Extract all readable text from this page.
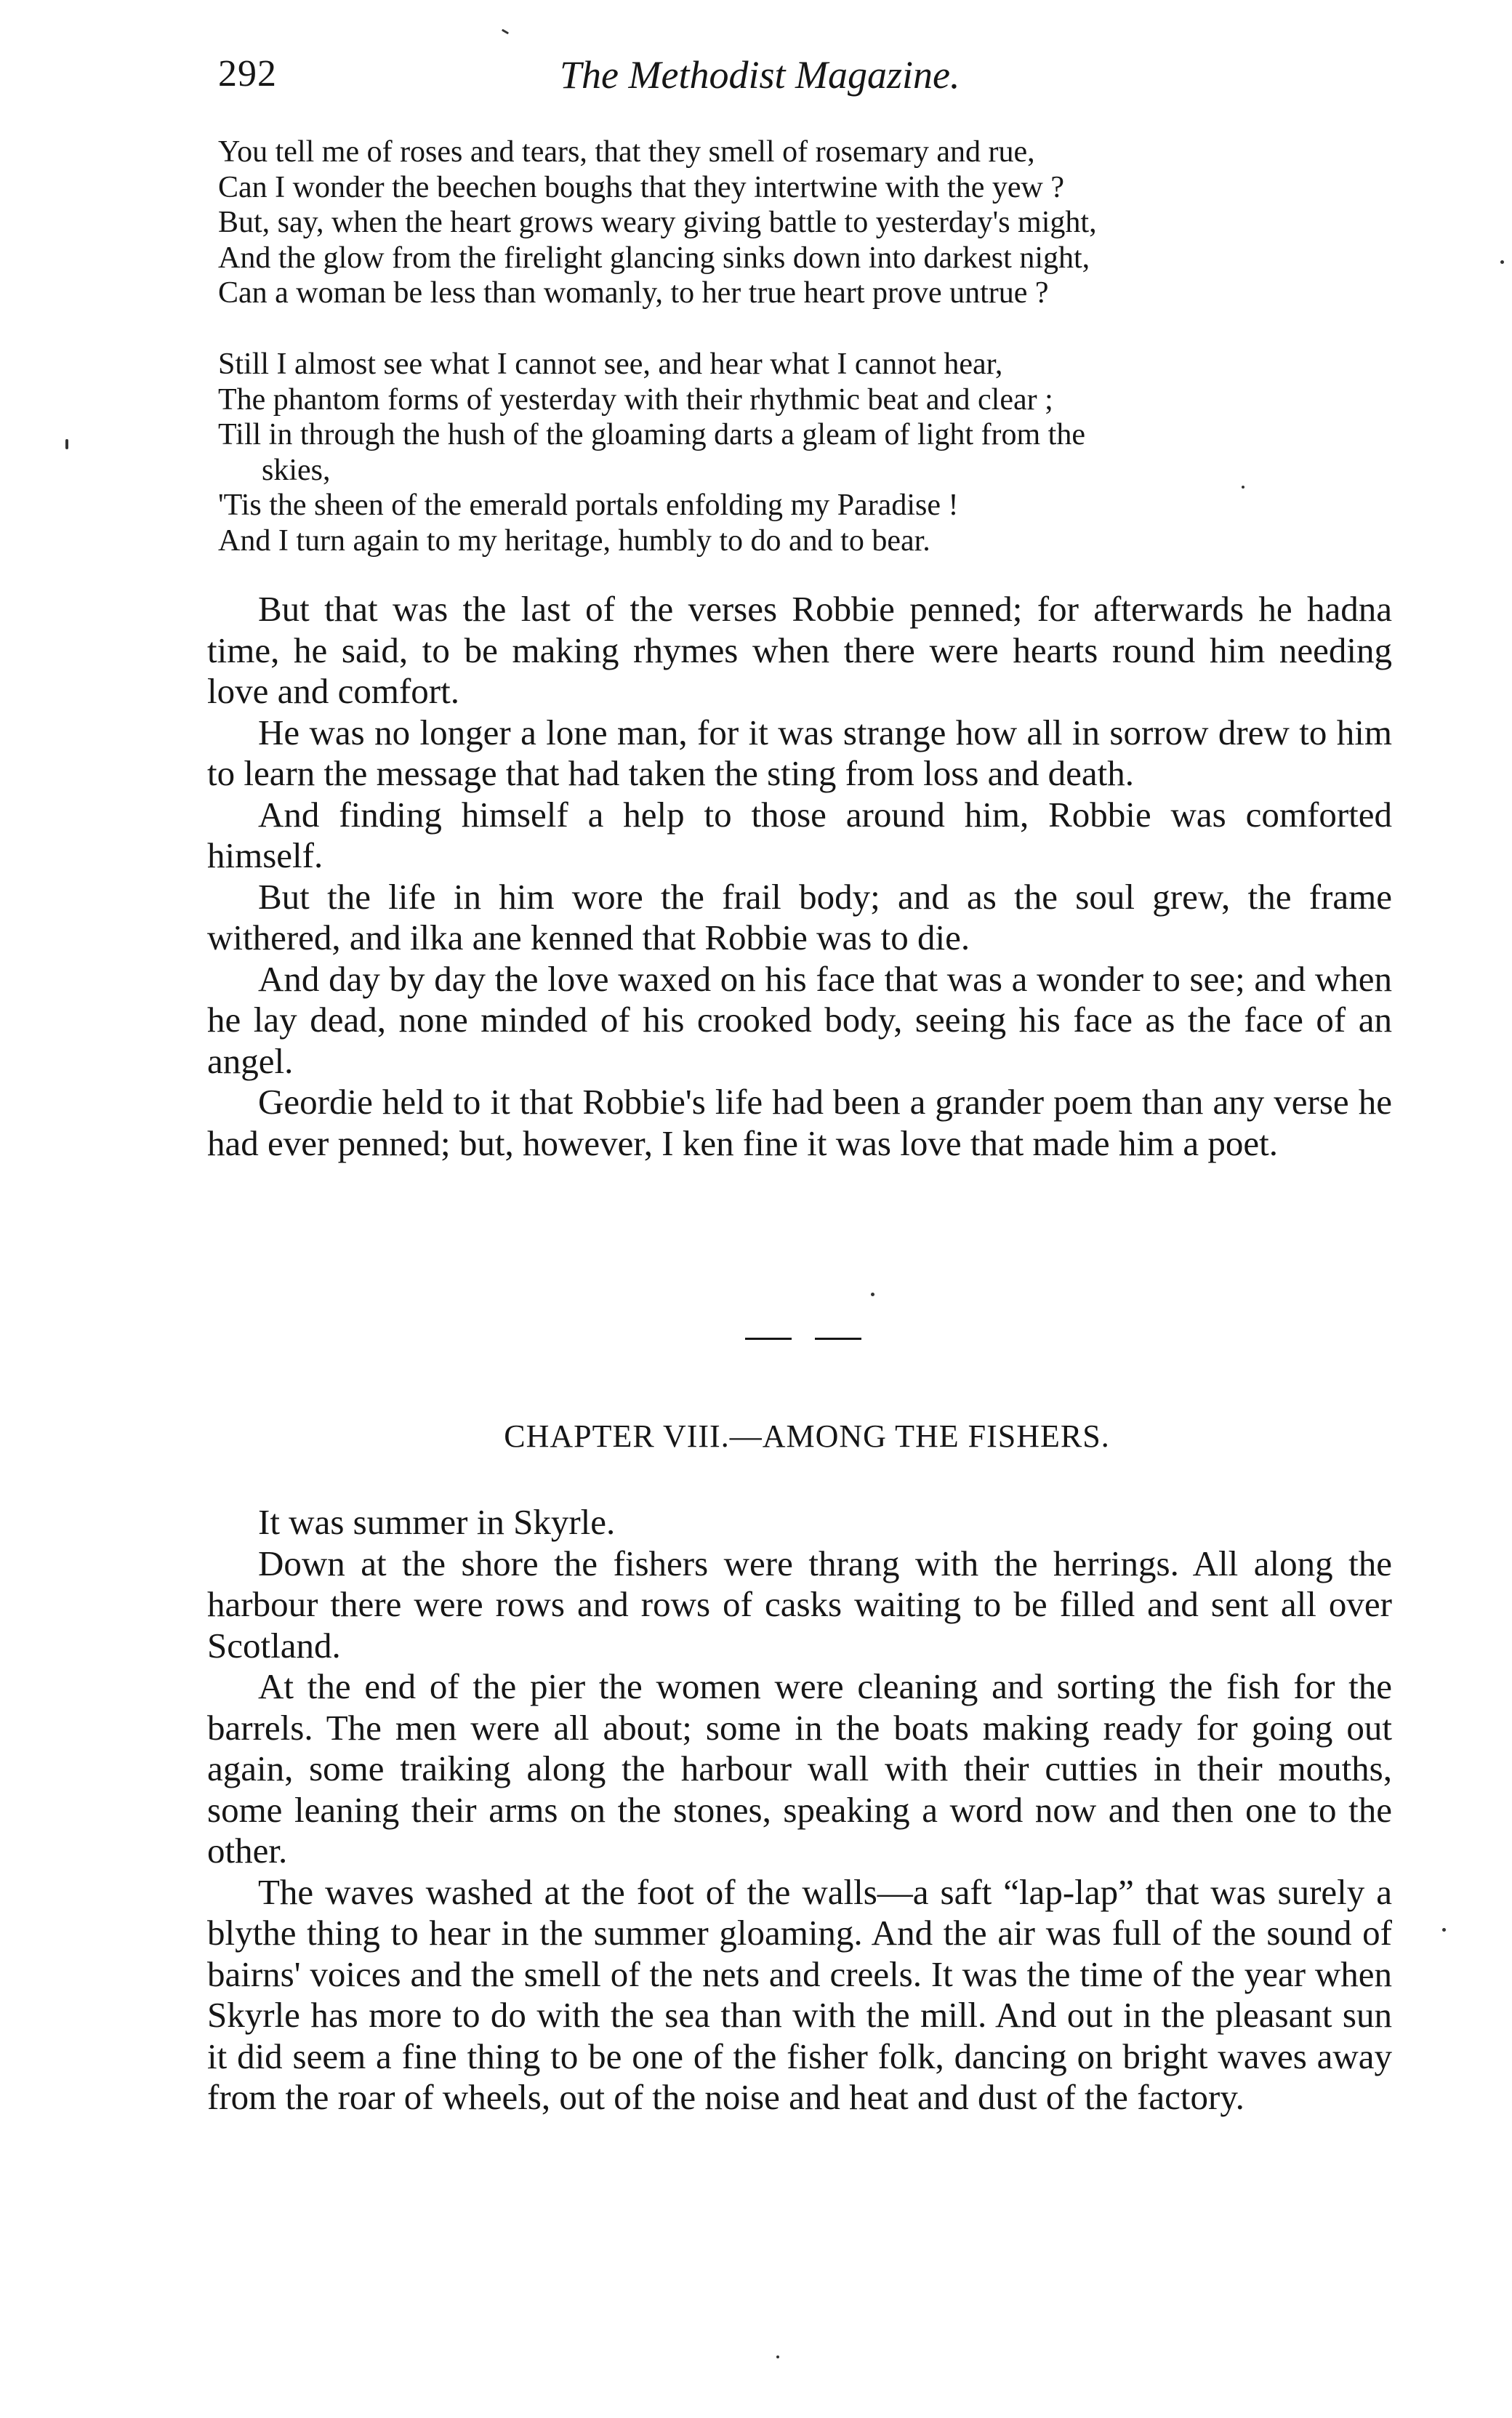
292	The Methodist Magazine.
You tell me of roses and tears, that they smell of rosemary and rue,
Can I wonder the beechen boughs that they intertwine with the yew ?
But, say, when the heart grows weary giving battle to yesterday's might,
And the glow from the firelight glancing sinks down into darkest night,
Can a woman be less than womanly, to her true heart prove untrue ?
Still I almost see what I cannot see, and hear what I cannot hear,
The phantom forms of yesterday with their rhythmic beat and clear ;
Till in through the hush of the gloaming darts a gleam of light from the
skies,
'Tis the sheen of the emerald portals enfolding my Paradise !
And I turn again to my heritage, humbly to do and to bear.

But that was the last of the verses Robbie penned; for afterwards he hadna time, he said, to be making rhymes when there were hearts round him needing love and comfort.

He was no longer a lone man, for it was strange how all in sorrow drew to him to learn the message that had taken the sting from loss and death.

And finding himself a help to those around him, Robbie was comforted himself.

But the life in him wore the frail body; and as the soul grew, the frame withered, and ilka ane kenned that Robbie was to die.

And day by day the love waxed on his face that was a wonder to see; and when he lay dead, none minded of his crooked body, seeing his face as the face of an angel.

Geordie held to it that Robbie's life had been a grander poem than any verse he had ever penned; but, however, I ken fine it was love that made him a poet.

CHAPTER VIII.—AMONG THE FISHERS.

It was summer in Skyrle.

Down at the shore the fishers were thrang with the herrings. All along the harbour there were rows and rows of casks waiting to be filled and sent all over Scotland.

At the end of the pier the women were cleaning and sorting the fish for the barrels. The men were all about; some in the boats making ready for going out again, some traiking along the harbour wall with their cutties in their mouths, some leaning their arms on the stones, speaking a word now and then one to the other.

The waves washed at the foot of the walls—a saft “lap-lap” that was surely a blythe thing to hear in the summer gloaming. And the air was full of the sound of bairns' voices and the smell of the nets and creels. It was the time of the year when Skyrle has more to do with the sea than with the mill. And out in the pleasant sun it did seem a fine thing to be one of the fisher folk, dancing on bright waves away from the roar of wheels, out of the noise and heat and dust of the factory.
